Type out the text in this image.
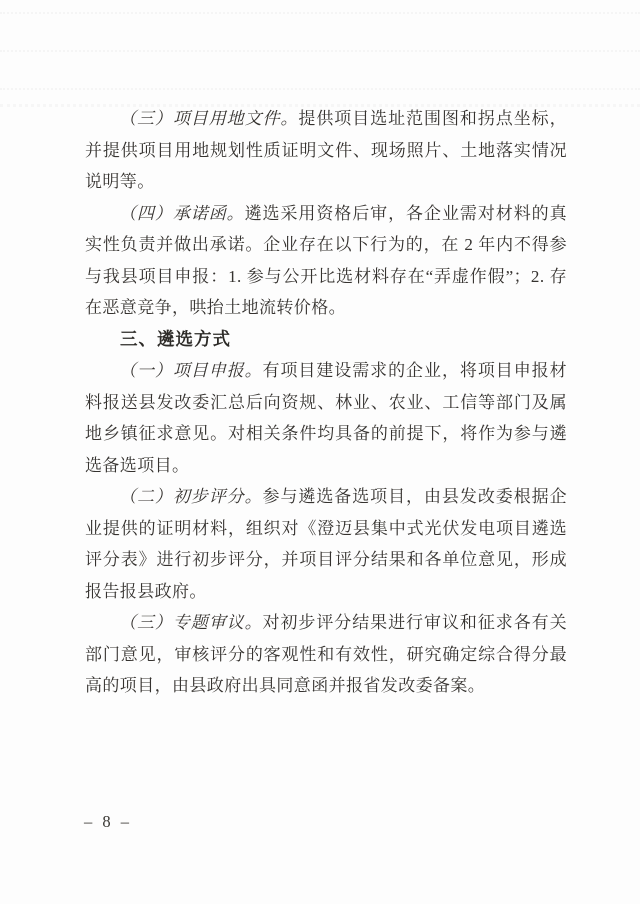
（三）项目用地文件。提供项目选址范围图和拐点坐标，并提供项目用地规划性质证明文件、现场照片、土地落实情况说明等。

（四）承诺函。遴选采用资格后审，各企业需对材料的真实性负责并做出承诺。企业存在以下行为的，在 2 年内不得参与我县项目申报：1. 参与公开比选材料存在“弄虚作假”；2. 存在恶意竞争，哄抬土地流转价格。

三、遴选方式

（一）项目申报。有项目建设需求的企业，将项目申报材料报送县发改委汇总后向资规、林业、农业、工信等部门及属地乡镇征求意见。对相关条件均具备的前提下，将作为参与遴选备选项目。

（二）初步评分。参与遴选备选项目，由县发改委根据企业提供的证明材料，组织对《澄迈县集中式光伏发电项目遴选评分表》进行初步评分，并项目评分结果和各单位意见，形成报告报县政府。

（三）专题审议。对初步评分结果进行审议和征求各有关部门意见，审核评分的客观性和有效性，研究确定综合得分最高的项目，由县政府出具同意函并报省发改委备案。

– 8 –
